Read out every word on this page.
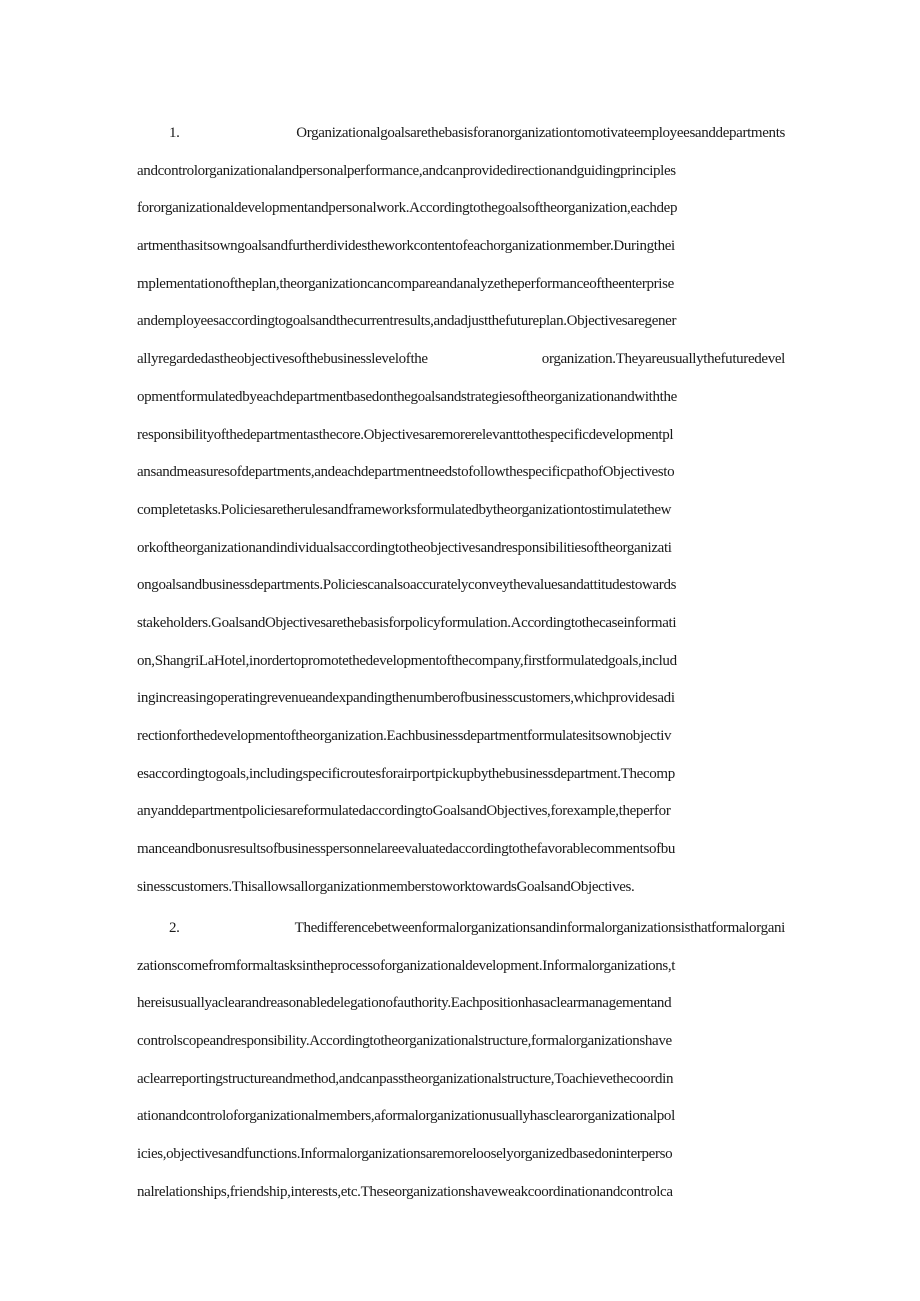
1. Organizationalgoalsarethebasisforanorganizationtomotivateemployeesanddepartments
andcontrolorganizationalandpersonalperformance,andcanprovidedirectionandguidingprinciples
fororganizationaldevelopmentandpersonalwork.Accordingtothegoalsoftheorganization,eachdep
artmenthasitsowngoalsandfurtherdividestheworkcontentofeachorganizationmember.Duringthei
mplementationoftheplan,theorganizationcancompareandanalyzetheperformanceoftheenterprise
andemployeesaccordingtogoalsandthecurrentresults,andadjustthefutureplan.Objectivesaregener
allyregardedastheobjectivesofthebusinesslevelofthe organization.Theyareusuallythefuturedevel
opmentformulatedbyeachdepartmentbasedonthegoalsandstrategiesoftheorganizationandwiththe
responsibilityofthedepartmentasthecore.Objectivesaremorerelevanttothespecificdevelopmentpl
ansandmeasuresofdepartments,andeachdepartmentneedstofollowthespecificpathofObjectivesto
completetasks.Policiesaretherulesandframeworksformulatedbytheorganizationtostimulatethew
orkoftheorganizationandindividualsaccordingtotheobjectivesandresponsibilitiesoftheorganizati
ongoalsandbusinessdepartments.Policiescanalsoaccuratelyconveythevaluesandattitudestowards
stakeholders.GoalsandObjectivesarethebasisforpolicyformulation.Accordingtothecaseinformati
on,ShangriLaHotel,inordertopromotethedevelopmentofthecompany,firstformulatedgoals,includ
ingincreasingoperatingrevenueandexpandingthenumberofbusinesscustomers,whichprovidesadi
rectionforthedevelopmentoftheorganization.Eachbusinessdepartmentformulatesitsownobjectiv
esaccordingtogoals,includingspecificroutesforairportpickupbythebusinessdepartment.Thecomp
anyanddepartmentpoliciesareformulatedaccordingtoGoalsandObjectives,forexample,theperfor
manceandbonusresultsofbusinesspersonnelareevaluatedaccordingtothefavorablecommentsofbu
sinesscustomers.ThisallowsallorganizationmemberstoworktowardsGoalsandObjectives.
2. Thedifferencebetweenformalorganizationsandinformalorganizationsisthatformalorgani
zationscomefromformaltasksintheprocessoforganizationaldevelopment.Informalorganizations,t
hereisusuallyaclearandreasonabledelegationofauthority.Eachpositionhasaclearmanagementand
controlscopeandresponsibility.Accordingtotheorganizationalstructure,formalorganizationshave
aclearreportingstructureandmethod,andcanpasstheorganizationalstructure,Toachievethecoordin
ationandcontroloforganizationalmembers,aformalorganizationusuallyhasclearorganizationalpol
icies,objectivesandfunctions.Informalorganizationsaremorelooselyorganizedbasedoninterperso
nalrelationships,friendship,interests,etc.Theseorganizationshaveweakcoordinationandcontrolca
